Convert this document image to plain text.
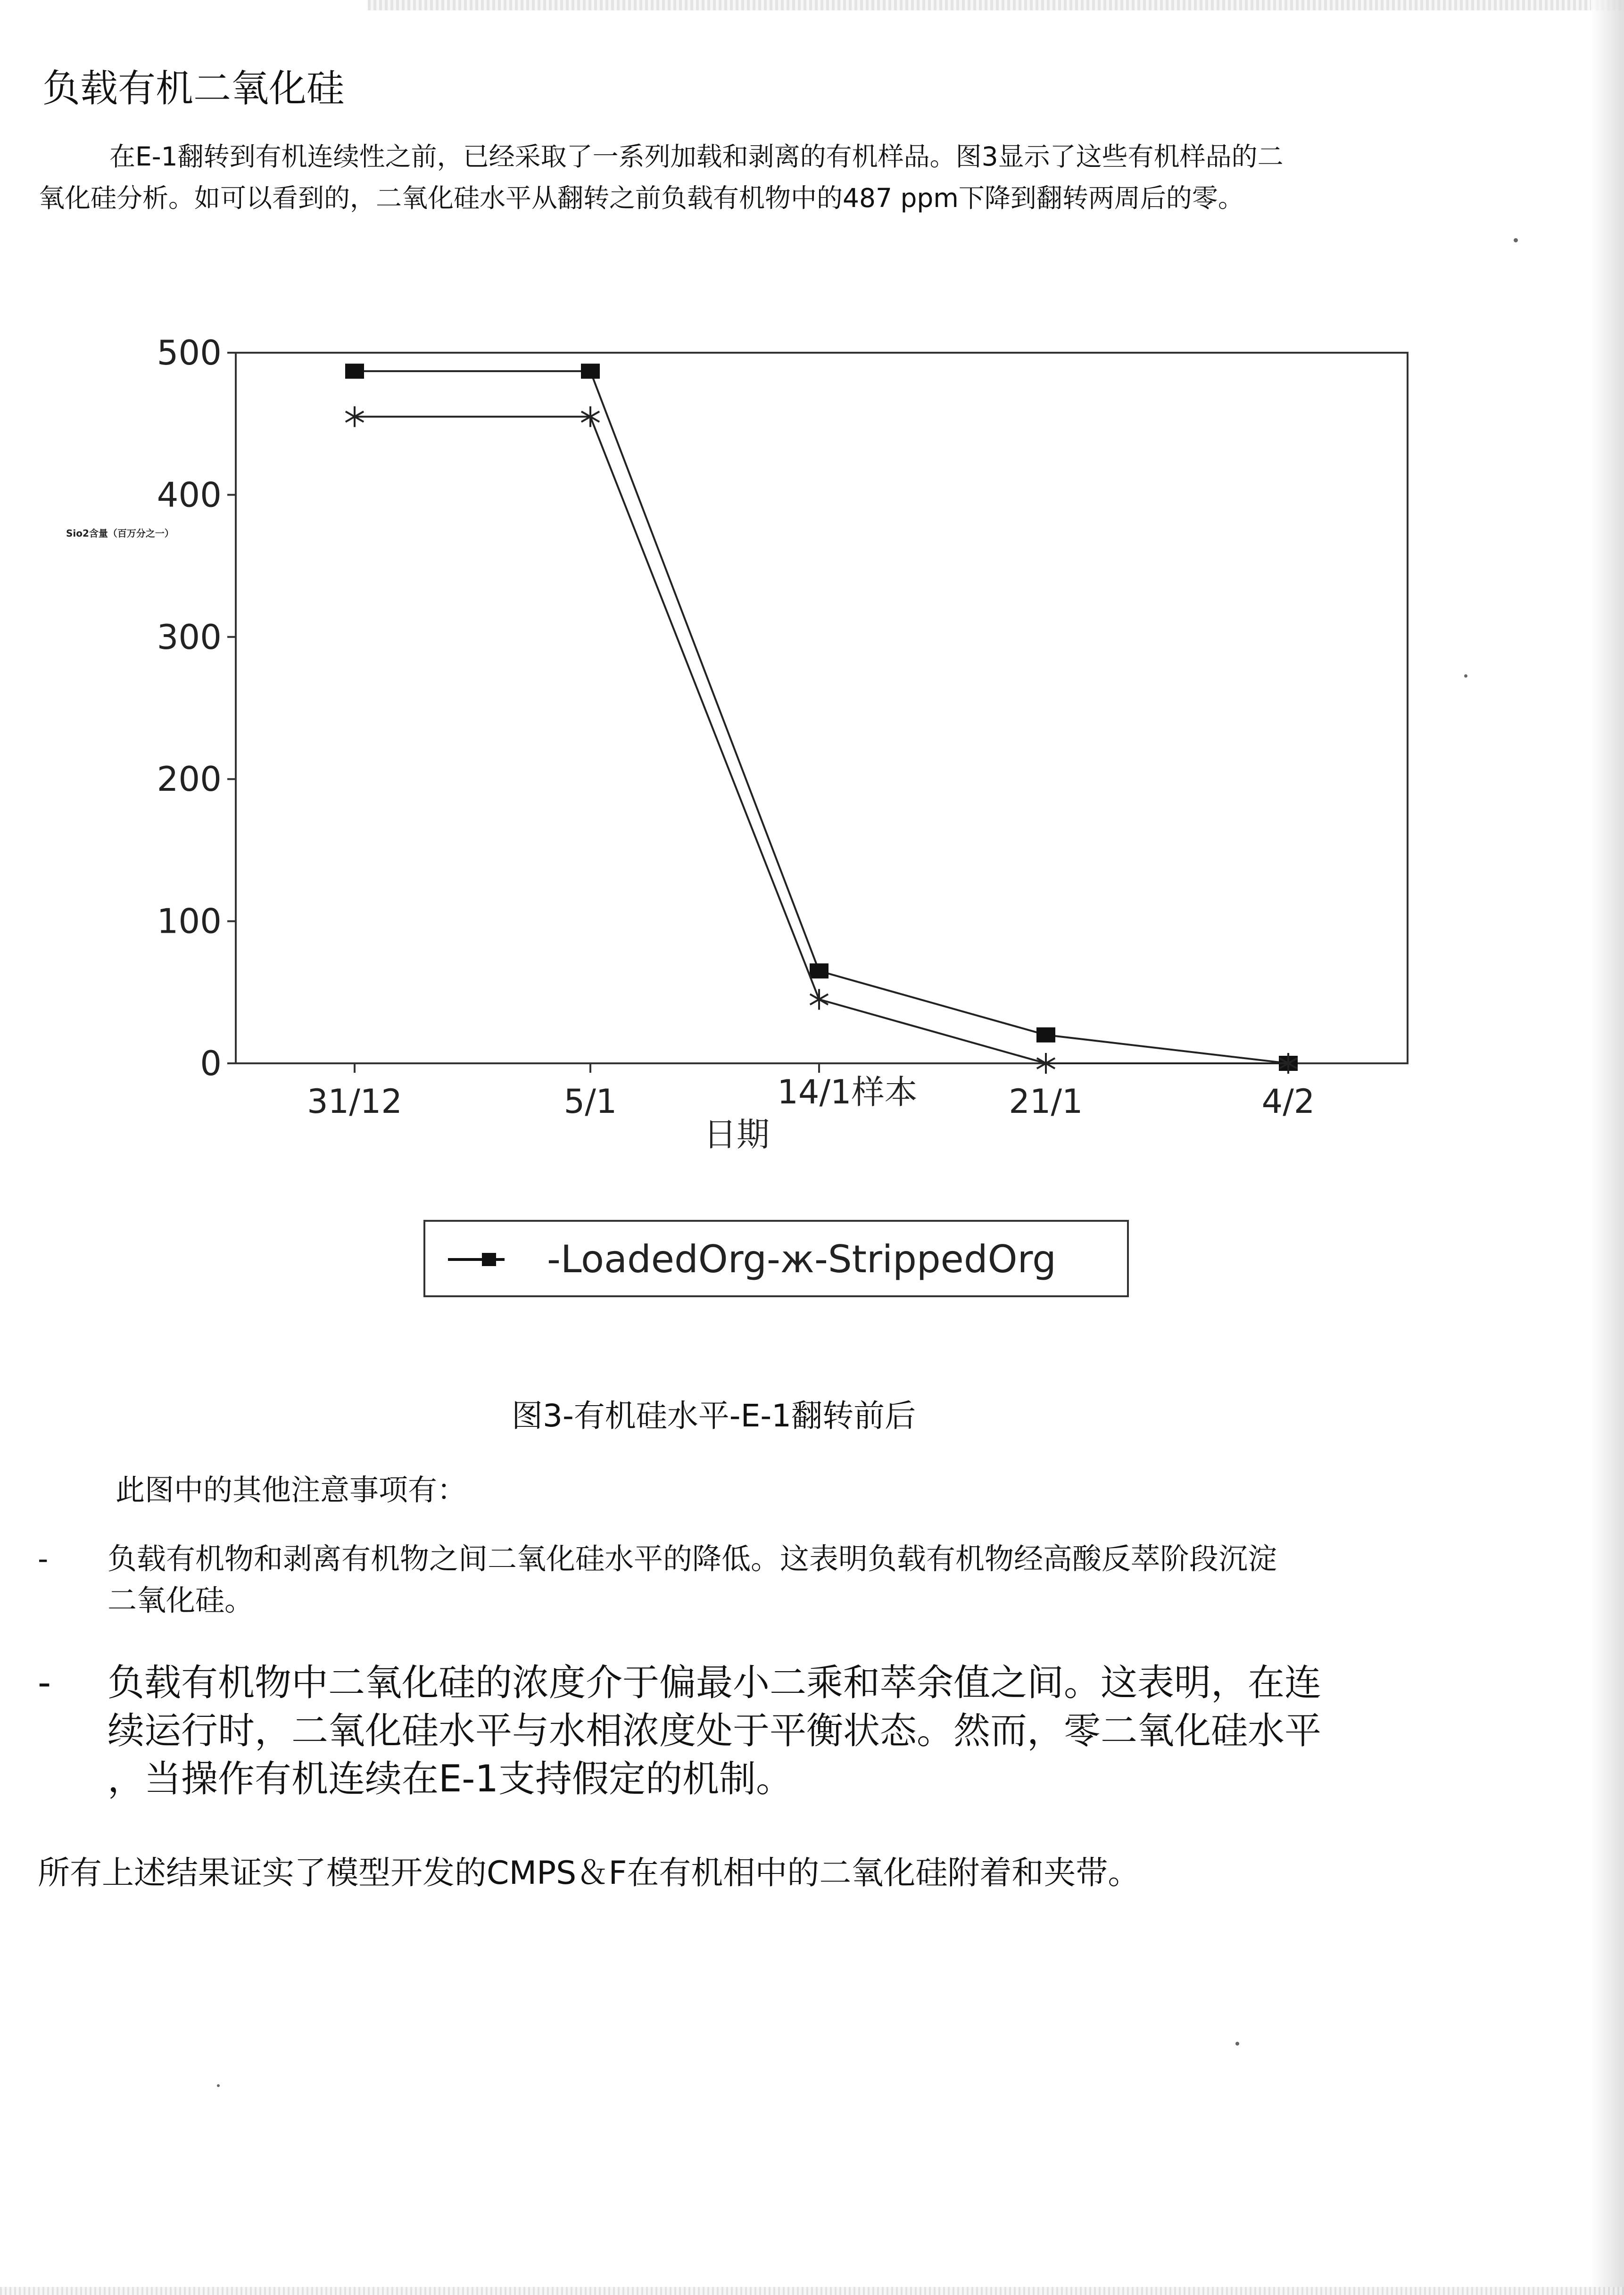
负载有机二氧化硅
在E-1翻转到有机连续性之前，已经采取了一系列加载和剥离的有机样品。图3显示了这些有机样品的二
氧化硅分析。如可以看到的，二氧化硅水平从翻转之前负载有机物中的487 ppm下降到翻转两周后的零。
500
400
300
200
100
0
31/12	5/1	14/1样本	21/1	4/2
日期
Sio2含量（百万分之一）
-LoadedOrg-ж-StrippedOrg
图3-有机硅水平-E-1翻转前后
此图中的其他注意事项有：
- 负载有机物和剥离有机物之间二氧化硅水平的降低。这表明负载有机物经高酸反萃阶段沉淀
二氧化硅。
- 负载有机物中二氧化硅的浓度介于偏最小二乘和萃余值之间。这表明，在连
续运行时，二氧化硅水平与水相浓度处于平衡状态。然而，零二氧化硅水平
，当操作有机连续在E-1支持假定的机制。
所有上述结果证实了模型开发的CMPS＆F在有机相中的二氧化硅附着和夹带。
